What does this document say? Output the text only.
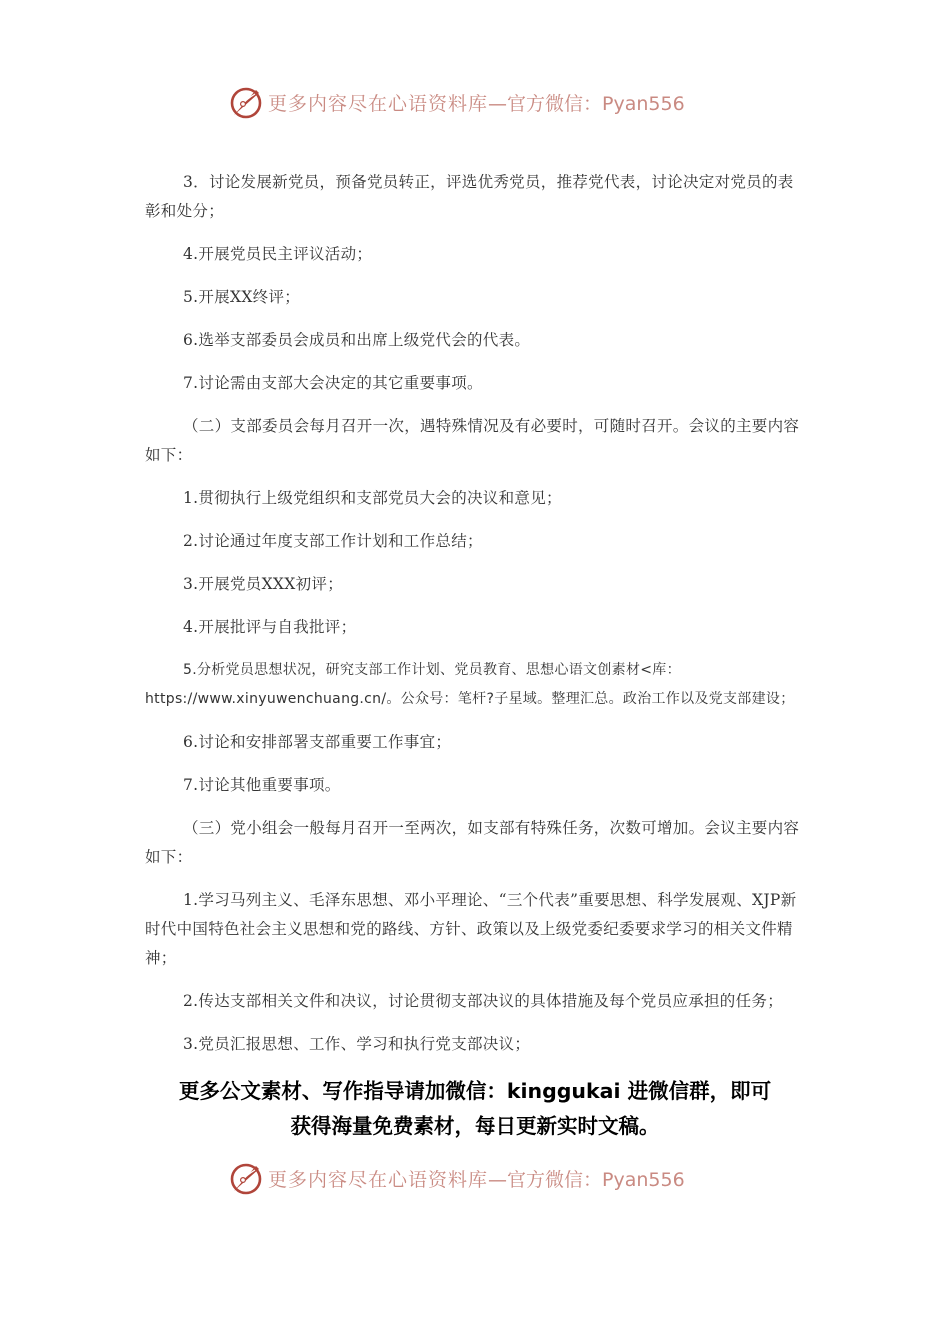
更多内容尽在心语资料库 —官方微信：Pyan556

3．讨论发展新党员，预备党员转正，评选优秀党员，推荐党代表，讨论决定对党员的表彰和处分；

4.开展党员民主评议活动；

5.开展XX终评；

6.选举支部委员会成员和出席上级党代会的代表。

7.讨论需由支部大会决定的其它重要事项。

（二）支部委员会每月召开一次，遇特殊情况及有必要时，可随时召开。会议的主要内容如下：

1.贯彻执行上级党组织和支部党员大会的决议和意见；

2.讨论通过年度支部工作计划和工作总结；

3.开展党员XXX初评；

4.开展批评与自我批评；

5.分析党员思想状况，研究支部工作计划、党员教育、思想心语文创素材<库：https://www.xinyuwenchuang.cn/。公众号：笔杆?子星域。整理汇总。政治工作以及党支部建设；

6.讨论和安排部署支部重要工作事宜；

7.讨论其他重要事项。

（三）党小组会一般每月召开一至两次，如支部有特殊任务，次数可增加。会议主要内容如下：

1.学习马列主义、毛泽东思想、邓小平理论、“三个代表”重要思想、科学发展观、XJP新时代中国特色社会主义思想和党的路线、方针、政策以及上级党委纪委要求学习的相关文件精神；

2.传达支部相关文件和决议，讨论贯彻支部决议的具体措施及每个党员应承担的任务；

3.党员汇报思想、工作、学习和执行党支部决议；

更多公文素材、写作指导请加微信：kinggukai 进微信群，即可
获得海量免费素材，每日更新实时文稿。
更多内容尽在心语资料库 —官方微信：Pyan556
